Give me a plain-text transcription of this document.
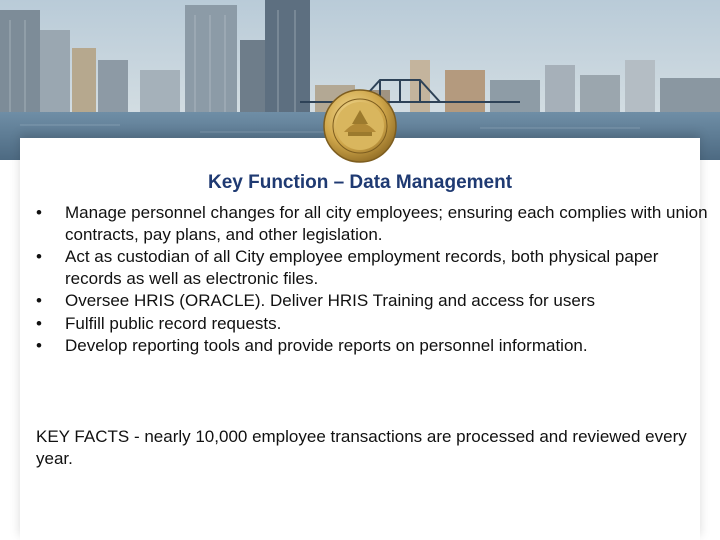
Key Function – Data Management
• Manage personnel changes for all city employees; ensuring each complies with union contracts, pay plans, and other legislation.
• Act as custodian of all City employee employment records, both physical paper records as well as electronic files.
• Oversee HRIS (ORACLE). Deliver HRIS Training and access for users
• Fulfill public record requests.
• Develop reporting tools and provide reports on personnel information.

KEY FACTS - nearly 10,000 employee transactions are processed and reviewed every year.
